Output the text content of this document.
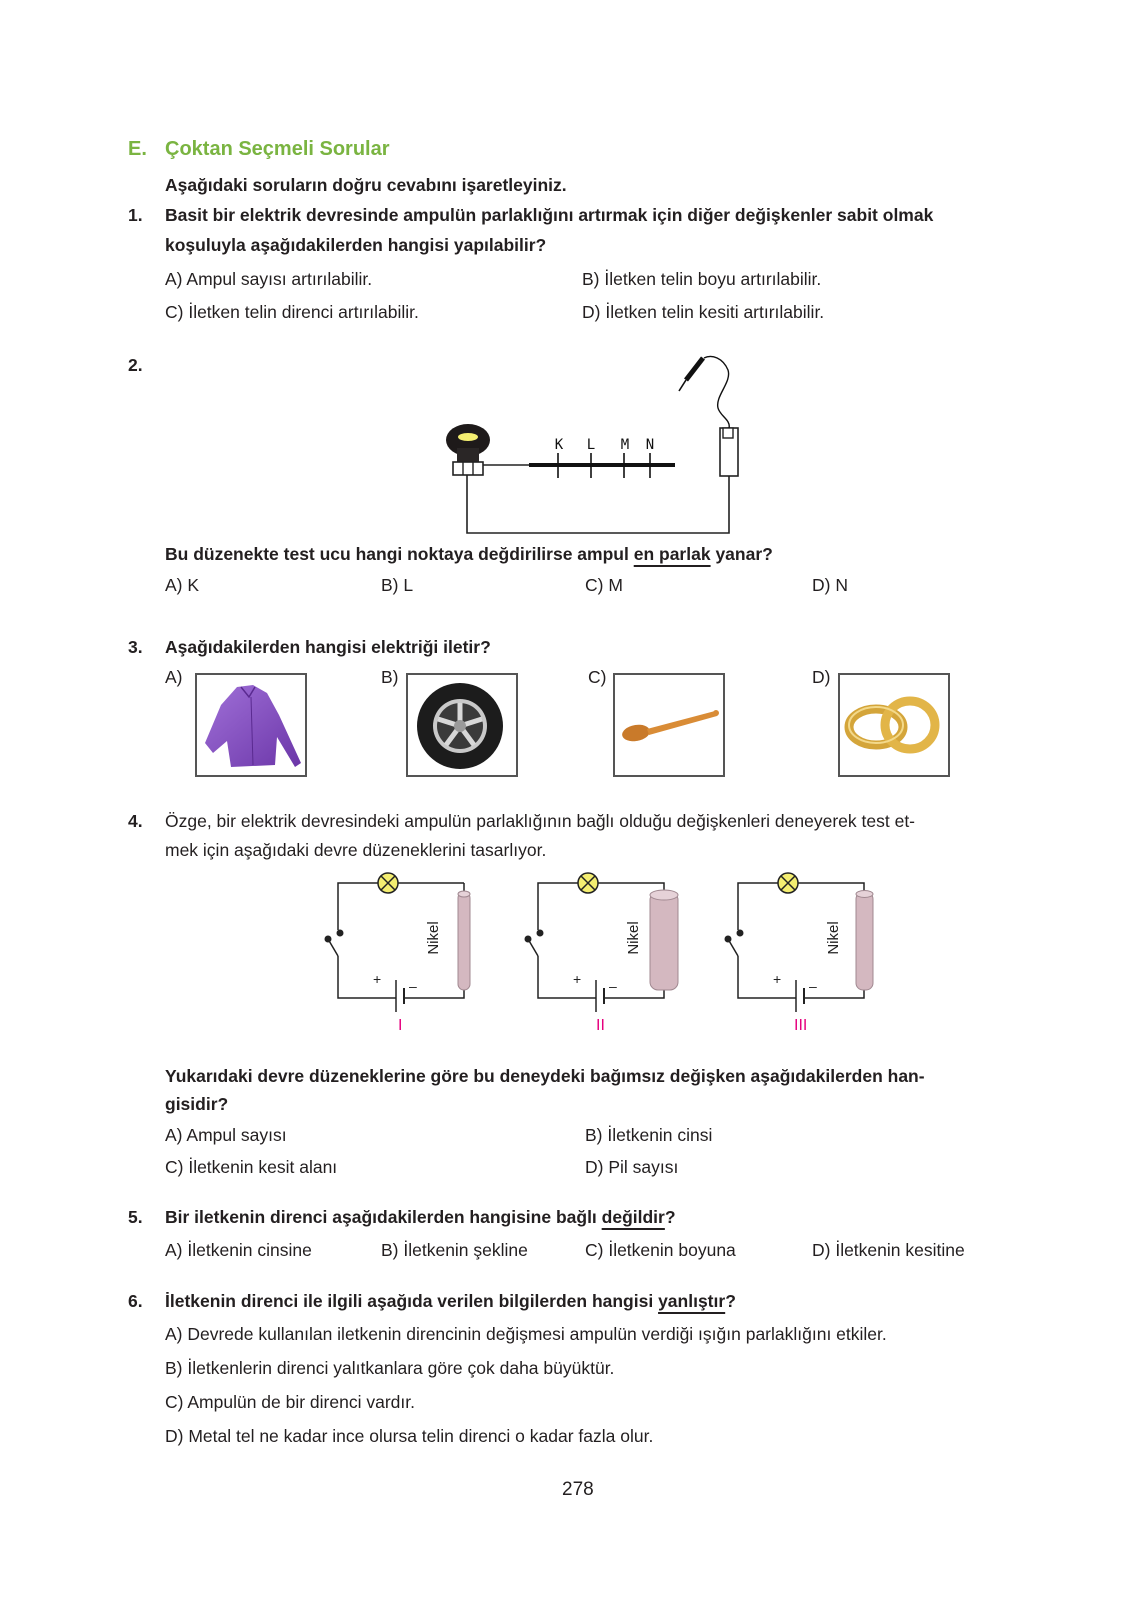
E. Çoktan Seçmeli Sorular
Aşağıdaki soruların doğru cevabını işaretleyiniz.
1. Basit bir elektrik devresinde ampulün parlaklığını artırmak için diğer değişkenler sabit olmak
koşuluyla aşağıdakilerden hangisi yapılabilir?
A) Ampul sayısı artırılabilir.	B) İletken telin boyu artırılabilir.
C) İletken telin direnci artırılabilir.	D) İletken telin kesiti artırılabilir.
2.
K L M N
Bu düzenekte test ucu hangi noktaya değdirilirse ampul en parlak yanar?
A) K	B) L	C) M	D) N
3. Aşağıdakilerden hangisi elektriği iletir?
A)	B)	C)	D)
4. Özge, bir elektrik devresindeki ampulün parlaklığının bağlı olduğu değişkenleri deneyerek test et-
mek için aşağıdaki devre düzeneklerini tasarlıyor.
Nikel
+ –
Nikel
+ –
Nikel
+ –
I	II	III
Yukarıdaki devre düzeneklerine göre bu deneydeki bağımsız değişken aşağıdakilerden han-
gisidir?
A) Ampul sayısı	B) İletkenin cinsi
C) İletkenin kesit alanı	D) Pil sayısı
5. Bir iletkenin direnci aşağıdakilerden hangisine bağlı değildir?
A) İletkenin cinsine	B) İletkenin şekline	C) İletkenin boyuna	D) İletkenin kesitine
6. İletkenin direnci ile ilgili aşağıda verilen bilgilerden hangisi yanlıştır?
A) Devrede kullanılan iletkenin direncinin değişmesi ampulün verdiği ışığın parlaklığını etkiler.
B) İletkenlerin direnci yalıtkanlara göre çok daha büyüktür.
C) Ampulün de bir direnci vardır.
D) Metal tel ne kadar ince olursa telin direnci o kadar fazla olur.
278
